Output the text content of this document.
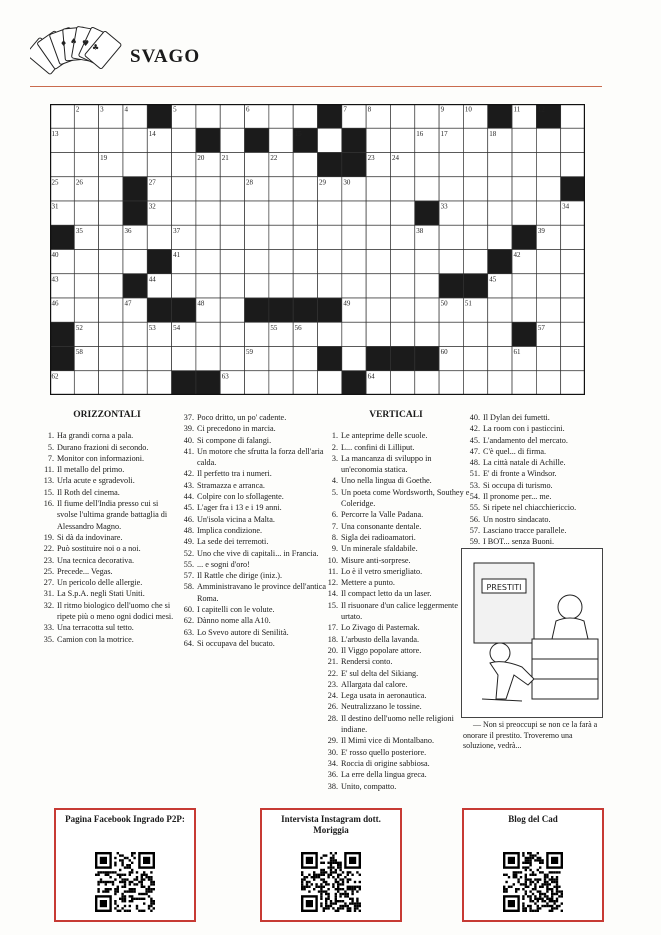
♠ ♥
♦	♣ SVAGO
2	3	4	5	6	7	8	9	10	11	12
13	14	15	16 17	18
19	20 21	22	23 24
25 26	27	28	29 30
31	32	33	34
35	36	37	38	39
40	41	42
43	44	45
46	47	48	49	50 51
52	53 54	55 56	57
58	59	60	61
62	63	64
ORIZZONTALI
1. Ha grandi corna a pala.
5. Durano frazioni di secondo.
7. Monitor con informazioni.
11. Il metallo del primo.
13. Urla acute e sgradevoli.
15. Il Roth del cinema.
16. Il fiume dell'India presso cui si svolse l'ultima grande battaglia di Alessandro Magno.
19. Si dà da indovinare.
22. Può sostituire noi o a noi.
23. Una tecnica decorativa.
25. Precede... Vegas.
27. Un pericolo delle allergie.
31. La S.p.A. negli Stati Uniti.
32. Il ritmo biologico dell'uomo che si ripete più o meno ogni dodici mesi.
33. Una terracotta sul tetto.
35. Camion con la motrice.
37. Poco dritto, un po' cadente.
39. Ci precedono in marcia.
40. Si compone di falangi.
41. Un motore che sfrutta la forza dell'aria calda.
42. Il perfetto tra i numeri.
43. Stramazza e arranca.
44. Colpire con lo sfollagente.
45. L'ager fra i 13 e i 19 anni.
46. Un'isola vicina a Malta.
48. Implica condizione.
49. La sede dei terremoti.
52. Uno che vive di capitali... in Francia.
55. ... e sogni d'oro!
57. Il Rattle che dirige (iniz.).
58. Amministravano le province dell'antica Roma.
60. I capitelli con le volute.
62. Dànno nome alla A10.
63. Lo Svevo autore di Senilità.
64. Si occupava del bucato.
VERTICALI
1. Le anteprime delle scuole.
2. L... confini di Lilliput.
3. La mancanza di sviluppo in un'economia statica.
4. Uno nella lingua di Goethe.
5. Un poeta come Wordsworth, Southey e Coleridge.
6. Percorre la Valle Padana.
7. Una consonante dentale.
8. Sigla dei radioamatori.
9. Un minerale sfaldabile.
10. Misure anti-sorprese.
11. Lo è il vetro smerigliato.
12. Mettere a punto.
14. Il compact letto da un laser.
15. Il risuonare d'un calice leggermente urtato.
17. Lo Zivago di Pasternak.
18. L'arbusto della lavanda.
20. Il Viggo popolare attore.
21. Rendersi conto.
22. E' sul delta del Sikiang.
23. Allargata dal calore.
24. Lega usata in aeronautica.
26. Neutralizzano le tossine.
28. Il destino dell'uomo nelle religioni indiane.
29. Il Mimì vice di Montalbano.
30. E' rosso quello posteriore.
34. Roccia di origine sabbiosa.
36. La erre della lingua greca.
38. Unito, compatto.
40. Il Dylan dei fumetti.
42. La room con i pasticcini.
45. L'andamento del mercato.
47. C'è quel... di firma.
48. La città natale di Achille.
51. E' di fronte a Windsor.
53. Si occupa di turismo.
54. Il pronome per... me.
55. Si ripete nel chiacchiericcio.
56. Un nostro sindacato.
57. Lasciano tracce parallele.
59. I BOT... senza Buoni.
PRESTITI
— Non si preoccupi se non ce la farà a onorare il prestito. Troveremo una soluzione, vedrà...
Pagina Facebook Ingrado P2P:	Intervista Instagram dott. Moriggia
Blog del Cad
